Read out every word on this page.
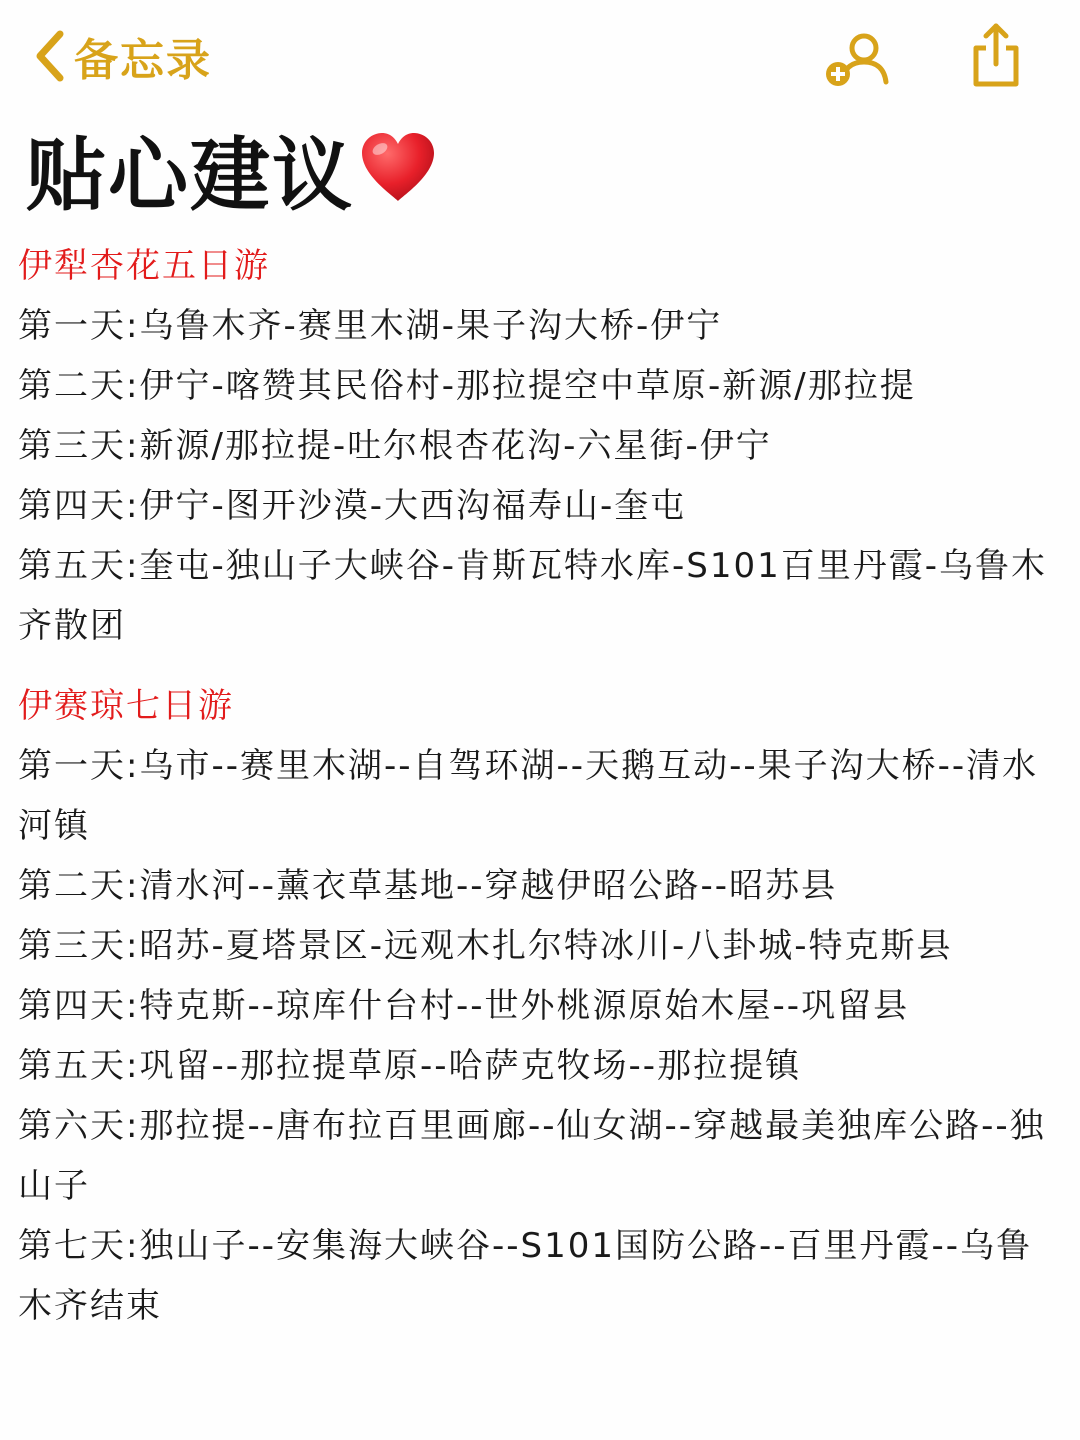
备忘录
贴心建议
伊犁杏花五日游

第一天:乌鲁木齐-赛里木湖-果子沟大桥-伊宁

第二天:伊宁-喀赞其民俗村-那拉提空中草原-新源/那拉提

第三天:新源/那拉提-吐尔根杏花沟-六星街-伊宁

第四天:伊宁-图开沙漠-大西沟福寿山-奎屯

第五天:奎屯-独山子大峡谷-肯斯瓦特水库-S101百里丹霞-乌鲁木齐散团

伊赛琼七日游

第一天:乌市--赛里木湖--自驾环湖--天鹅互动--果子沟大桥--清水河镇

第二天:清水河--薰衣草基地--穿越伊昭公路--昭苏县

第三天:昭苏-夏塔景区-远观木扎尔特冰川-八卦城-特克斯县

第四天:特克斯--琼库什台村--世外桃源原始木屋--巩留县

第五天:巩留--那拉提草原--哈萨克牧场--那拉提镇

第六天:那拉提--唐布拉百里画廊--仙女湖--穿越最美独库公路--独山子

第七天:独山子--安集海大峡谷--S101国防公路--百里丹霞--乌鲁木齐结束
